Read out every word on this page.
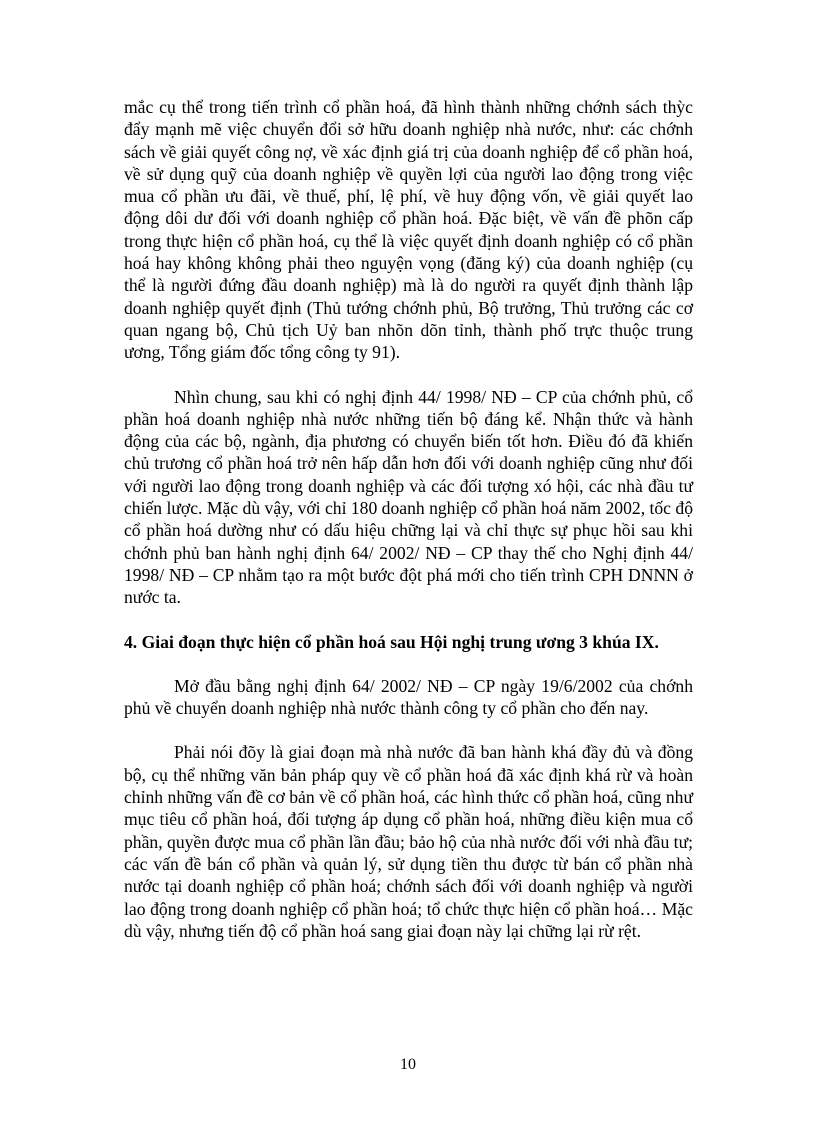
mắc cụ thể trong tiến trình cổ phần hoá, đã hình thành những chớnh sách thỳc đẩy mạnh mẽ việc chuyển đổi sở hữu doanh nghiệp nhà nước, như: các chớnh sách về giải quyết công nợ, về xác định giá trị của doanh nghiệp để cổ phần hoá, về sử dụng quỹ của doanh nghiệp về quyền lợi của người lao động trong việc mua cổ phần ưu đãi, về thuế, phí, lệ phí, về huy động vốn, về giải quyết lao động dôi dư đối với doanh nghiệp cổ phần hoá. Đặc biệt, về vấn đề phõn cấp trong thực hiện cổ phần hoá, cụ thể là việc quyết định doanh nghiệp có cổ phần hoá hay không không phải theo nguyện vọng (đăng ký) của doanh nghiệp (cụ thể là người đứng đầu doanh nghiệp) mà là do người ra quyết định thành lập doanh nghiệp quyết định (Thủ tướng chớnh phủ, Bộ trưởng, Thủ trưởng các cơ quan ngang bộ, Chủ tịch Uỷ ban nhõn dõn tỉnh, thành phố trực thuộc trung ương, Tổng giám đốc tổng công ty 91).

Nhìn chung, sau khi có nghị định 44/ 1998/ NĐ – CP của chớnh phủ, cổ phần hoá doanh nghiệp nhà nước những tiến bộ đáng kể. Nhận thức và hành động của các bộ, ngành, địa phương có chuyển biến tốt hơn. Điều đó đã khiến chủ trương cổ phần hoá trở nên hấp dẫn hơn đối với doanh nghiệp cũng như đối với người lao động trong doanh nghiệp và các đối tượng xó hội, các nhà đầu tư chiến lược. Mặc dù vậy, với chỉ 180 doanh nghiệp cổ phần hoá năm 2002, tốc độ cổ phần hoá dường như có dấu hiệu chững lại và chỉ thực sự phục hồi sau khi chớnh phủ ban hành nghị định 64/ 2002/ NĐ – CP thay thế cho Nghị định 44/ 1998/ NĐ – CP nhằm tạo ra một bước đột phá mới cho tiến trình CPH DNNN ở nước ta.

4. Giai đoạn thực hiện cổ phần hoá sau Hội nghị trung ương 3 khúa IX.

Mở đầu bằng nghị định 64/ 2002/ NĐ – CP ngày 19/6/2002 của chớnh phủ về chuyển doanh nghiệp nhà nước thành công ty cổ phần cho đến nay.

Phải nói đõy là giai đoạn mà nhà nước đã ban hành khá đầy đủ và đồng bộ, cụ thể những văn bản pháp quy về cổ phần hoá đã xác định khá rừ và hoàn chỉnh những vấn đề cơ bản về cổ phần hoá, các hình thức cổ phần hoá, cũng như mục tiêu cổ phần hoá, đối tượng áp dụng cổ phần hoá, những điều kiện mua cổ phần, quyền được mua cổ phần lần đầu; bảo hộ của nhà nước đối với nhà đầu tư; các vấn đề bán cổ phần và quản lý, sử dụng tiền thu được từ bán cổ phần nhà nước tại doanh nghiệp cổ phần hoá; chớnh sách đối với doanh nghiệp và người lao động trong doanh nghiệp cổ phần hoá; tổ chức thực hiện cổ phần hoá… Mặc dù vậy, nhưng tiến độ cổ phần hoá sang giai đoạn này lại chững lại rừ rệt.

10
